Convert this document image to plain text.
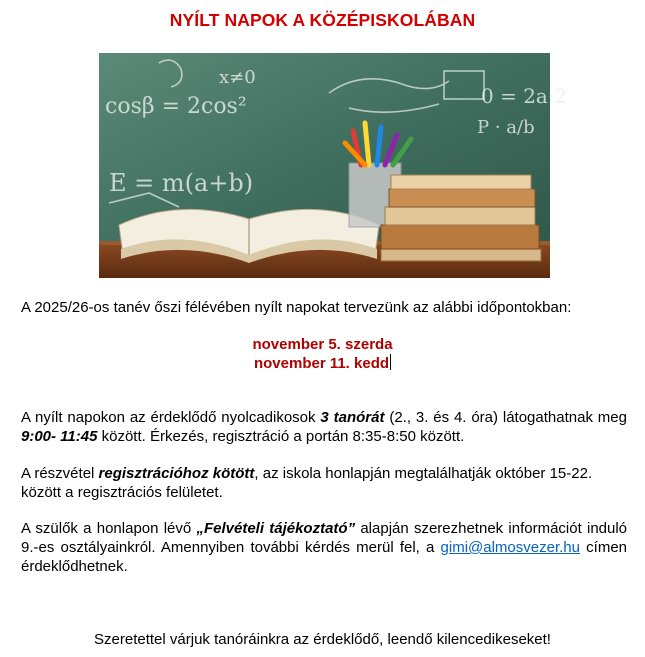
NYÍLT NAPOK A KÖZÉPISKOLÁBAN
cosβ = 2cos²
x≠0
E = m(a+b)
0 = 2a·2
P · a/b
A 2025/26-os tanév őszi félévében nyílt napokat tervezünk az alábbi időpontokban:
november 5. szerda
november 11. kedd
A nyílt napokon az érdeklődő nyolcadikosok 3 tanórát (2., 3. és 4. óra) látogathatnak meg 9:00- 11:45 között. Érkezés, regisztráció a portán 8:35-8:50 között.
A részvétel regisztrációhoz kötött, az iskola honlapján megtalálhatják október 15-22. között a regisztrációs felületet.
A szülők a honlapon lévő „Felvételi tájékoztató” alapján szerezhetnek információt induló 9.-es osztályainkról. Amennyiben további kérdés merül fel, a gimi@almosvezer.hu címen érdeklődhetnek.
Szeretettel várjuk tanóráinkra az érdeklődő, leendő kilencedikeseket!
